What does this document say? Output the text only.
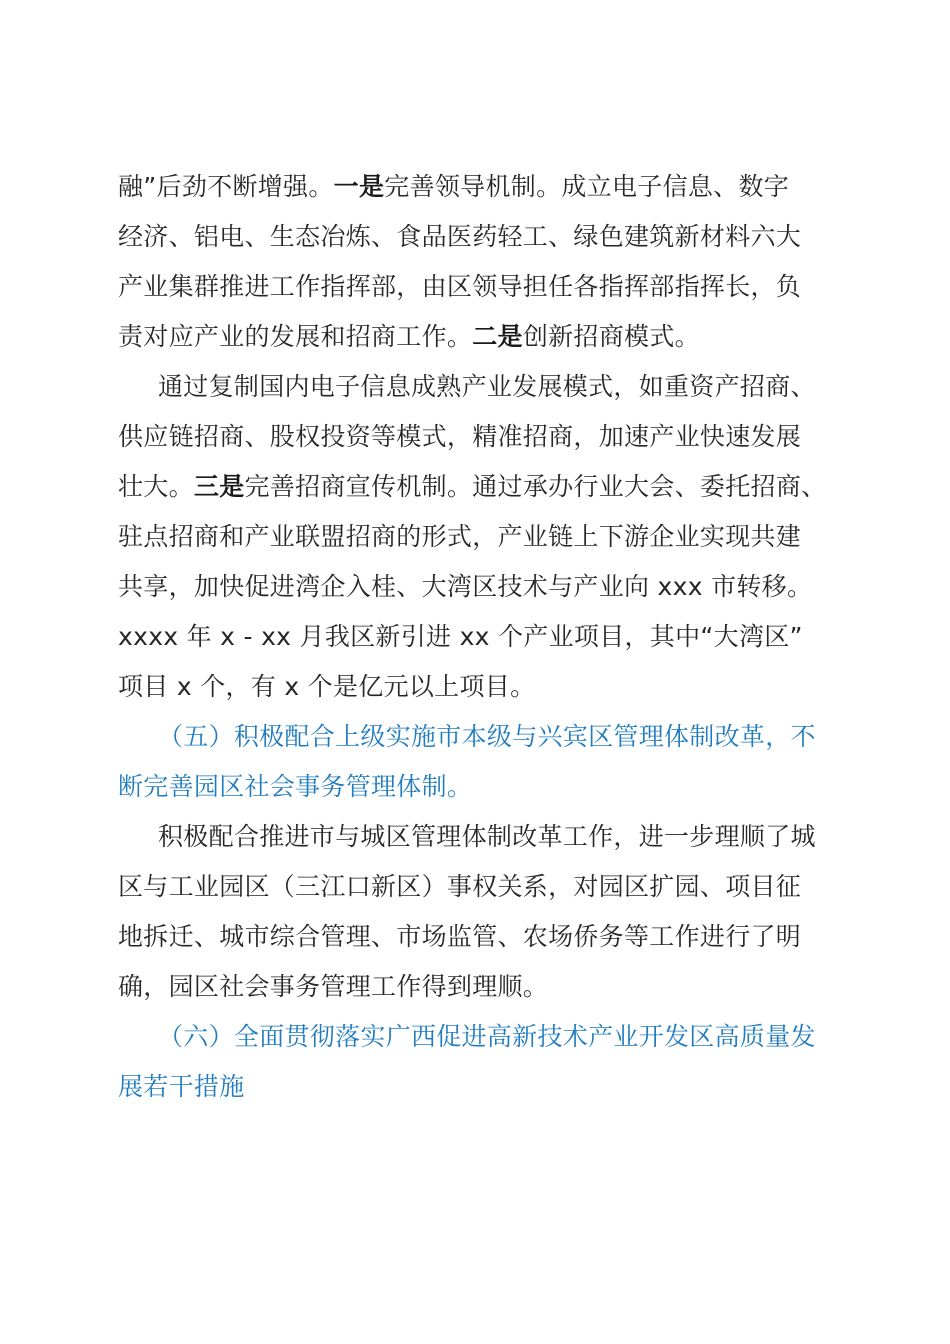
融”后劲不断增强。一是完善领导机制。成立电子信息、数字
经济、铝电、生态冶炼、食品医药轻工、绿色建筑新材料六大
产业集群推进工作指挥部，由区领导担任各指挥部指挥长，负
责对应产业的发展和招商工作。二是创新招商模式。
通过复制国内电子信息成熟产业发展模式，如重资产招商、
供应链招商、股权投资等模式，精准招商，加速产业快速发展
壮大。三是完善招商宣传机制。通过承办行业大会、委托招商、
驻点招商和产业联盟招商的形式，产业链上下游企业实现共建
共享，加快促进湾企入桂、大湾区技术与产业向 xxx 市转移。
xxxx 年 x - xx 月我区新引进 xx 个产业项目，其中“大湾区”
项目 x 个，有 x 个是亿元以上项目。
（五）积极配合上级实施市本级与兴宾区管理体制改革，不
断完善园区社会事务管理体制。
积极配合推进市与城区管理体制改革工作，进一步理顺了城
区与工业园区（三江口新区）事权关系，对园区扩园、项目征
地拆迁、城市综合管理、市场监管、农场侨务等工作进行了明
确，园区社会事务管理工作得到理顺。
（六）全面贯彻落实广西促进高新技术产业开发区高质量发
展若干措施
